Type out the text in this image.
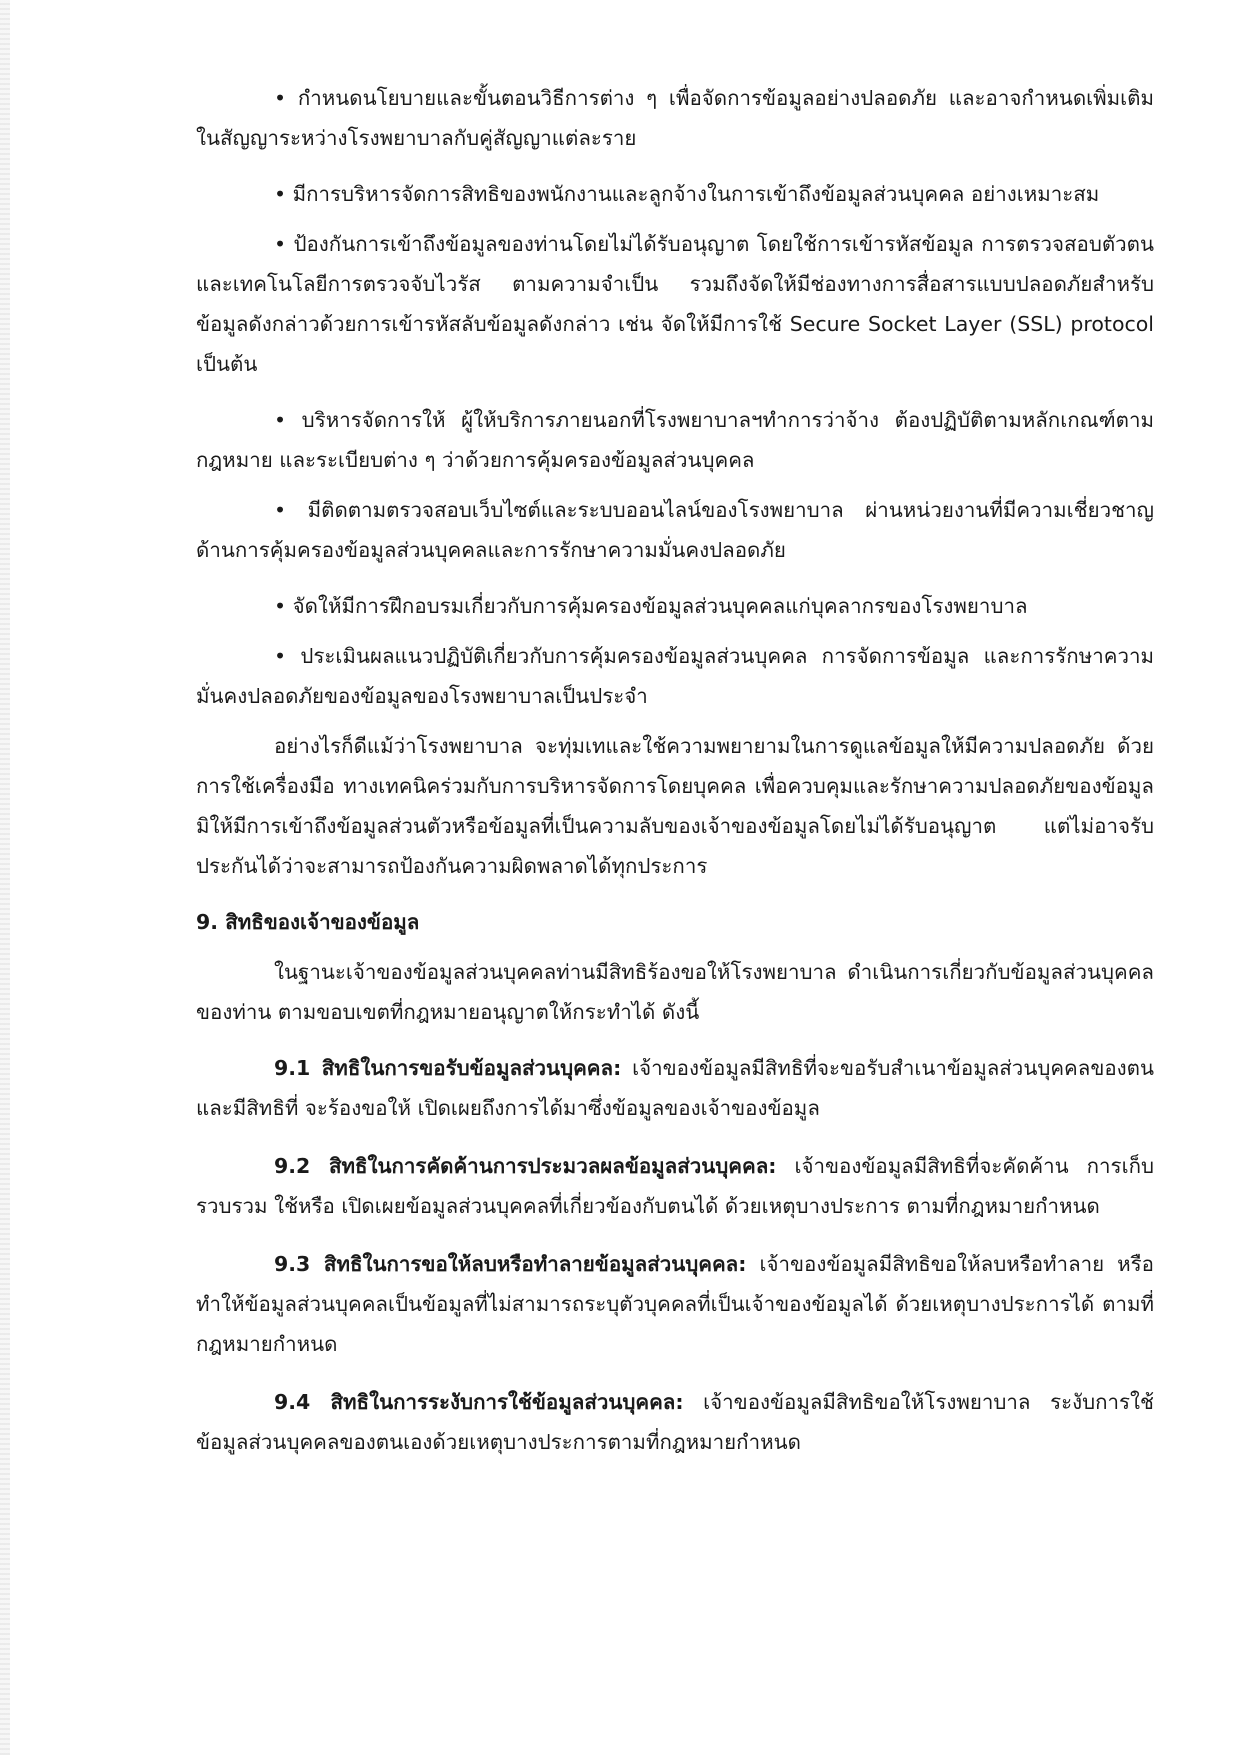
• กำหนดนโยบายและขั้นตอนวิธีการต่าง ๆ เพื่อจัดการข้อมูลอย่างปลอดภัย และอาจกำหนดเพิ่มเติมในสัญญาระหว่างโรงพยาบาลกับคู่สัญญาแต่ละราย

• มีการบริหารจัดการสิทธิของพนักงานและลูกจ้างในการเข้าถึงข้อมูลส่วนบุคคล อย่างเหมาะสม

• ป้องกันการเข้าถึงข้อมูลของท่านโดยไม่ได้รับอนุญาต โดยใช้การเข้ารหัสข้อมูล การตรวจสอบตัวตนและเทคโนโลยีการตรวจจับไวรัส ตามความจำเป็น รวมถึงจัดให้มีช่องทางการสื่อสารแบบปลอดภัยสำหรับข้อมูลดังกล่าวด้วยการเข้ารหัสลับข้อมูลดังกล่าว เช่น จัดให้มีการใช้ Secure Socket Layer (SSL) protocol เป็นต้น

• บริหารจัดการให้ ผู้ให้บริการภายนอกที่โรงพยาบาลฯทำการว่าจ้าง ต้องปฏิบัติตามหลักเกณฑ์ตามกฎหมาย และระเบียบต่าง ๆ ว่าด้วยการคุ้มครองข้อมูลส่วนบุคคล

• มีติดตามตรวจสอบเว็บไซต์และระบบออนไลน์ของโรงพยาบาล ผ่านหน่วยงานที่มีความเชี่ยวชาญด้านการคุ้มครองข้อมูลส่วนบุคคลและการรักษาความมั่นคงปลอดภัย

• จัดให้มีการฝึกอบรมเกี่ยวกับการคุ้มครองข้อมูลส่วนบุคคลแก่บุคลากรของโรงพยาบาล

• ประเมินผลแนวปฏิบัติเกี่ยวกับการคุ้มครองข้อมูลส่วนบุคคล การจัดการข้อมูล และการรักษาความมั่นคงปลอดภัยของข้อมูลของโรงพยาบาลเป็นประจำ

อย่างไรก็ดีแม้ว่าโรงพยาบาล จะทุ่มเทและใช้ความพยายามในการดูแลข้อมูลให้มีความปลอดภัย ด้วยการใช้เครื่องมือ ทางเทคนิคร่วมกับการบริหารจัดการโดยบุคคล เพื่อควบคุมและรักษาความปลอดภัยของข้อมูล มิให้มีการเข้าถึงข้อมูลส่วนตัวหรือข้อมูลที่เป็นความลับของเจ้าของข้อมูลโดยไม่ได้รับอนุญาต แต่ไม่อาจรับประกันได้ว่าจะสามารถป้องกันความผิดพลาดได้ทุกประการ

9. สิทธิของเจ้าของข้อมูล

ในฐานะเจ้าของข้อมูลส่วนบุคคลท่านมีสิทธิร้องขอให้โรงพยาบาล ดำเนินการเกี่ยวกับข้อมูลส่วนบุคคลของท่าน ตามขอบเขตที่กฎหมายอนุญาตให้กระทำได้ ดังนี้

9.1 สิทธิในการขอรับข้อมูลส่วนบุคคล: เจ้าของข้อมูลมีสิทธิที่จะขอรับสำเนาข้อมูลส่วนบุคคลของตน และมีสิทธิที่ จะร้องขอให้ เปิดเผยถึงการได้มาซึ่งข้อมูลของเจ้าของข้อมูล

9.2 สิทธิในการคัดค้านการประมวลผลข้อมูลส่วนบุคคล: เจ้าของข้อมูลมีสิทธิที่จะคัดค้าน การเก็บ รวบรวม ใช้หรือ เปิดเผยข้อมูลส่วนบุคคลที่เกี่ยวข้องกับตนได้ ด้วยเหตุบางประการ ตามที่กฎหมายกำหนด

9.3 สิทธิในการขอให้ลบหรือทำลายข้อมูลส่วนบุคคล: เจ้าของข้อมูลมีสิทธิขอให้ลบหรือทำลาย หรือทำให้ข้อมูลส่วนบุคคลเป็นข้อมูลที่ไม่สามารถระบุตัวบุคคลที่เป็นเจ้าของข้อมูลได้ ด้วยเหตุบางประการได้ ตามที่กฎหมายกำหนด

9.4 สิทธิในการระงับการใช้ข้อมูลส่วนบุคคล: เจ้าของข้อมูลมีสิทธิขอให้โรงพยาบาล ระงับการใช้ข้อมูลส่วนบุคคลของตนเองด้วยเหตุบางประการตามที่กฎหมายกำหนด
